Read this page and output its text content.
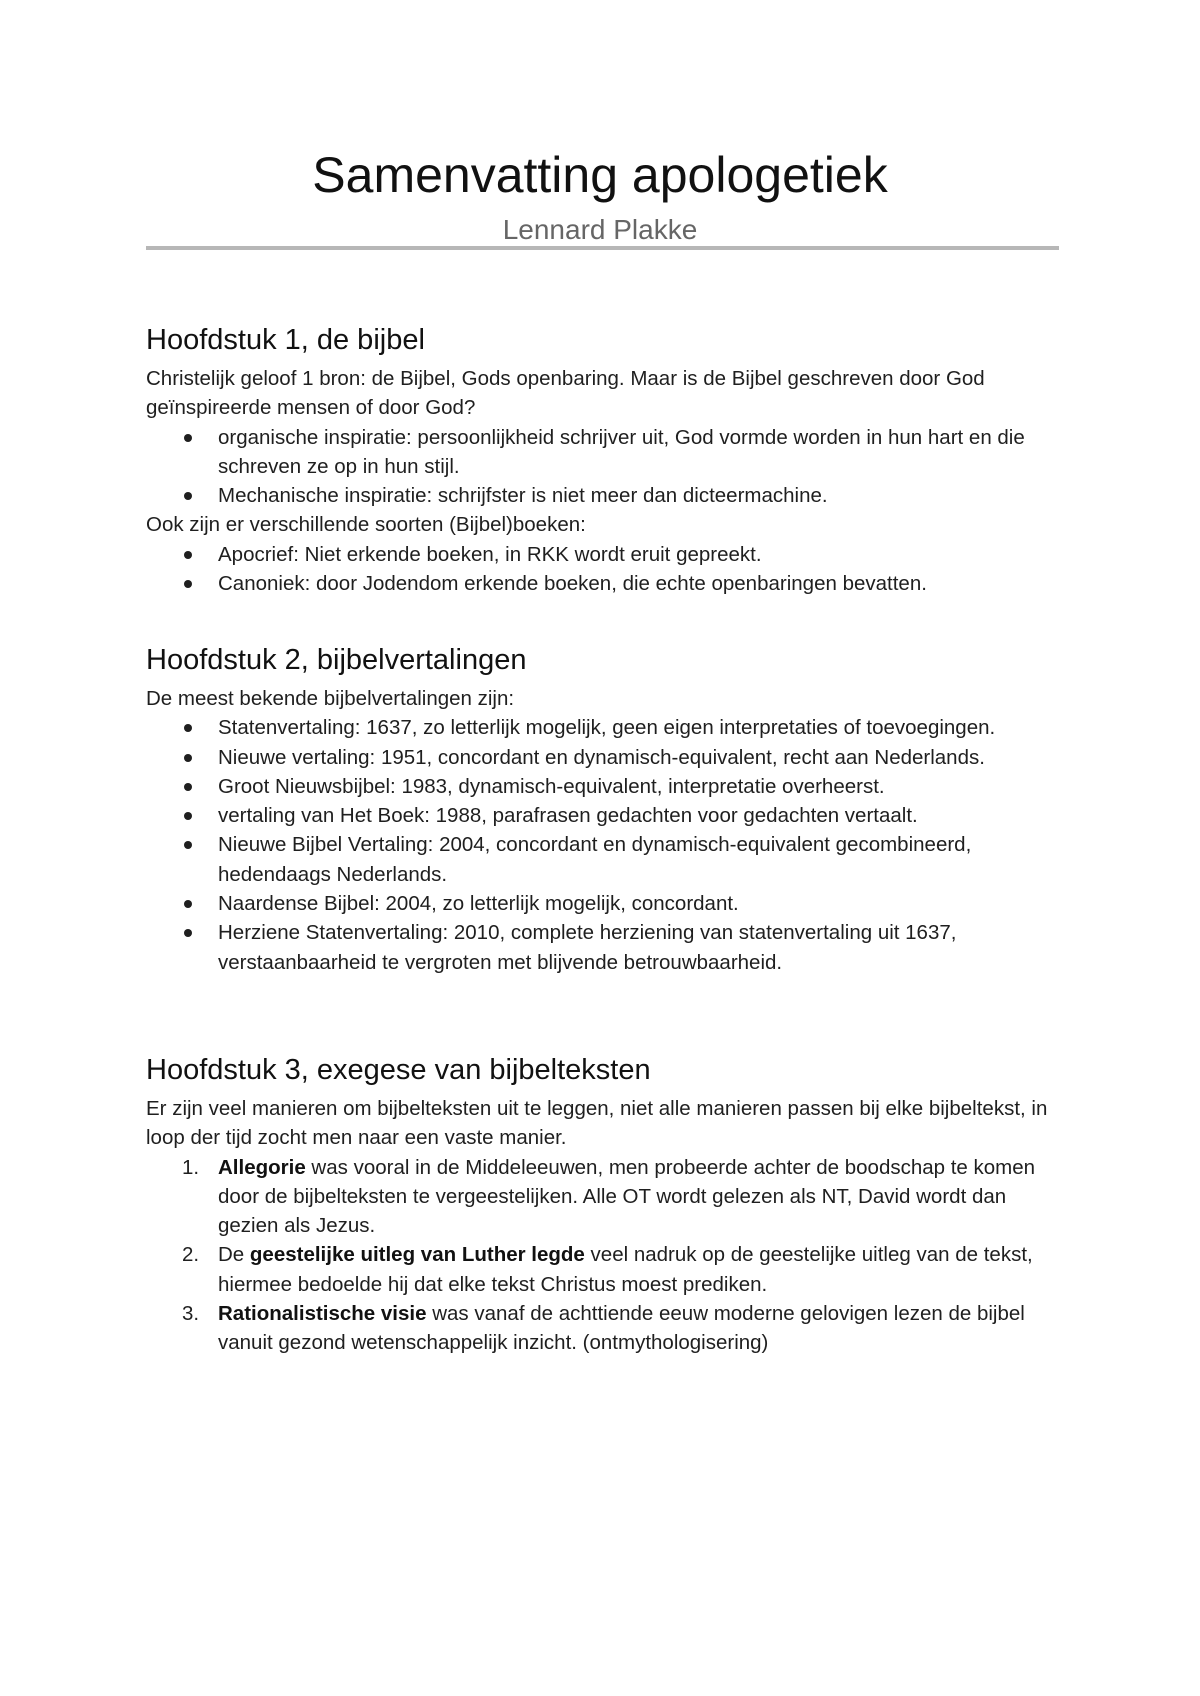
Samenvatting apologetiek
Lennard Plakke
Hoofdstuk 1, de bijbel

Christelijk geloof 1 bron: de Bijbel, Gods openbaring. Maar is de Bijbel geschreven door God geïnspireerde mensen of door God?

organische inspiratie: persoonlijkheid schrijver uit, God vormde worden in hun hart en die schreven ze op in hun stijl.
Mechanische inspiratie: schrijfster is niet meer dan dicteermachine.

Ook zijn er verschillende soorten (Bijbel)boeken:

Apocrief: Niet erkende boeken, in RKK wordt eruit gepreekt.
Canoniek: door Jodendom erkende boeken, die echte openbaringen bevatten.
Hoofdstuk 2, bijbelvertalingen

De meest bekende bijbelvertalingen zijn:

Statenvertaling: 1637, zo letterlijk mogelijk, geen eigen interpretaties of toevoegingen.
Nieuwe vertaling: 1951, concordant en dynamisch-equivalent, recht aan Nederlands.
Groot Nieuwsbijbel: 1983, dynamisch-equivalent, interpretatie overheerst.
vertaling van Het Boek: 1988, parafrasen gedachten voor gedachten vertaalt.
Nieuwe Bijbel Vertaling: 2004, concordant en dynamisch-equivalent gecombineerd, hedendaags Nederlands.
Naardense Bijbel: 2004, zo letterlijk mogelijk, concordant.
Herziene Statenvertaling: 2010, complete herziening van statenvertaling uit 1637, verstaanbaarheid te vergroten met blijvende betrouwbaarheid.
Hoofdstuk 3, exegese van bijbelteksten

Er zijn veel manieren om bijbelteksten uit te leggen, niet alle manieren passen bij elke bijbeltekst, in loop der tijd zocht men naar een vaste manier.

1. Allegorie was vooral in de Middeleeuwen, men probeerde achter de boodschap te komen door de bijbelteksten te vergeestelijken. Alle OT wordt gelezen als NT, David wordt dan gezien als Jezus.
2. De geestelijke uitleg van Luther legde veel nadruk op de geestelijke uitleg van de tekst, hiermee bedoelde hij dat elke tekst Christus moest prediken.
3. Rationalistische visie was vanaf de achttiende eeuw moderne gelovigen lezen de bijbel vanuit gezond wetenschappelijk inzicht. (ontmythologisering)
